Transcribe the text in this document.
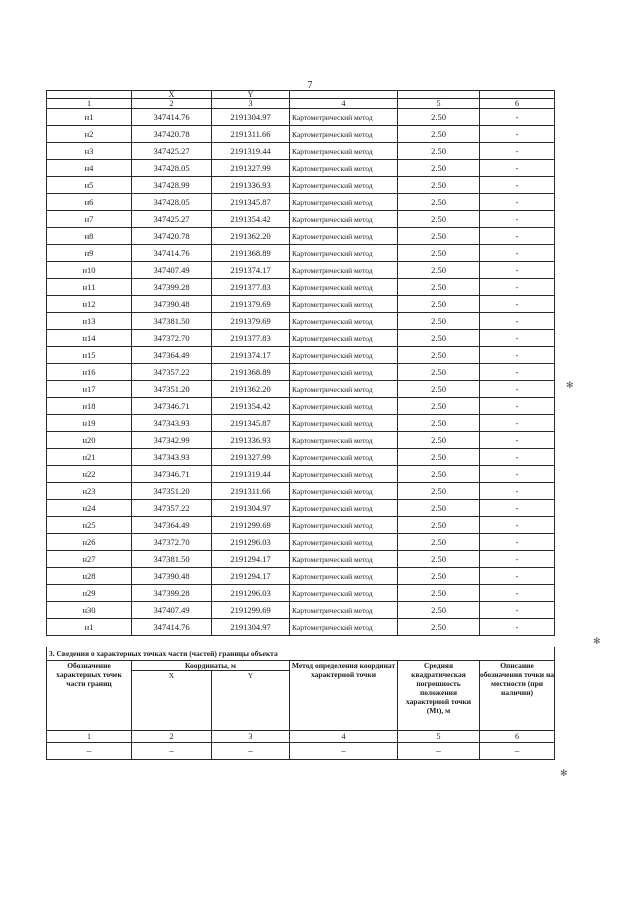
7
	X	Y			
1	2	3	4	5	6
н1	347414.76	2191304.97	Картометрический метод	2.50	-
н2	347420.78	2191311.66	Картометрический метод	2.50	-
н3	347425.27	2191319.44	Картометрический метод	2.50	-
н4	347428.05	2191327.99	Картометрический метод	2.50	-
н5	347428.99	2191336.93	Картометрический метод	2.50	-
н6	347428.05	2191345.87	Картометрический метод	2.50	-
н7	347425.27	2191354.42	Картометрический метод	2.50	-
н8	347420.78	2191362.20	Картометрический метод	2.50	-
н9	347414.76	2191368.89	Картометрический метод	2.50	-
н10	347407.49	2191374.17	Картометрический метод	2.50	-
н11	347399.28	2191377.83	Картометрический метод	2.50	-
н12	347390.48	2191379.69	Картометрический метод	2.50	-
н13	347381.50	2191379.69	Картометрический метод	2.50	-
н14	347372.70	2191377.83	Картометрический метод	2.50	-
н15	347364.49	2191374.17	Картометрический метод	2.50	-
н16	347357.22	2191368.89	Картометрический метод	2.50	-
н17	347351.20	2191362.20	Картометрический метод	2.50	-
н18	347346.71	2191354.42	Картометрический метод	2.50	-
н19	347343.93	2191345.87	Картометрический метод	2.50	-
н20	347342.99	2191336.93	Картометрический метод	2.50	-
н21	347343.93	2191327.99	Картометрический метод	2.50	-
н22	347346.71	2191319.44	Картометрический метод	2.50	-
н23	347351.20	2191311.66	Картометрический метод	2.50	-
н24	347357.22	2191304.97	Картометрический метод	2.50	-
н25	347364.49	2191299.69	Картометрический метод	2.50	-
н26	347372.70	2191296.03	Картометрический метод	2.50	-
н27	347381.50	2191294.17	Картометрический метод	2.50	-
н28	347390.48	2191294.17	Картометрический метод	2.50	-
н29	347399.28	2191296.03	Картометрический метод	2.50	-
н30	347407.49	2191299.69	Картометрический метод	2.50	-
н1	347414.76	2191304.97	Картометрический метод	2.50	-
3. Сведения о характерных точках части (частей) границы объекта					
Обозначение характерных точек части границ	Координаты, м		Метод определения координат характерной точки	Средняя квадратическая погрешность положения характерной точки (Mt), м	Описание обозначения точки на местности (при наличии)
	X	Y			
1	2	3	4	5	6
–	–	–	–	–	–
✻
✻
✻
